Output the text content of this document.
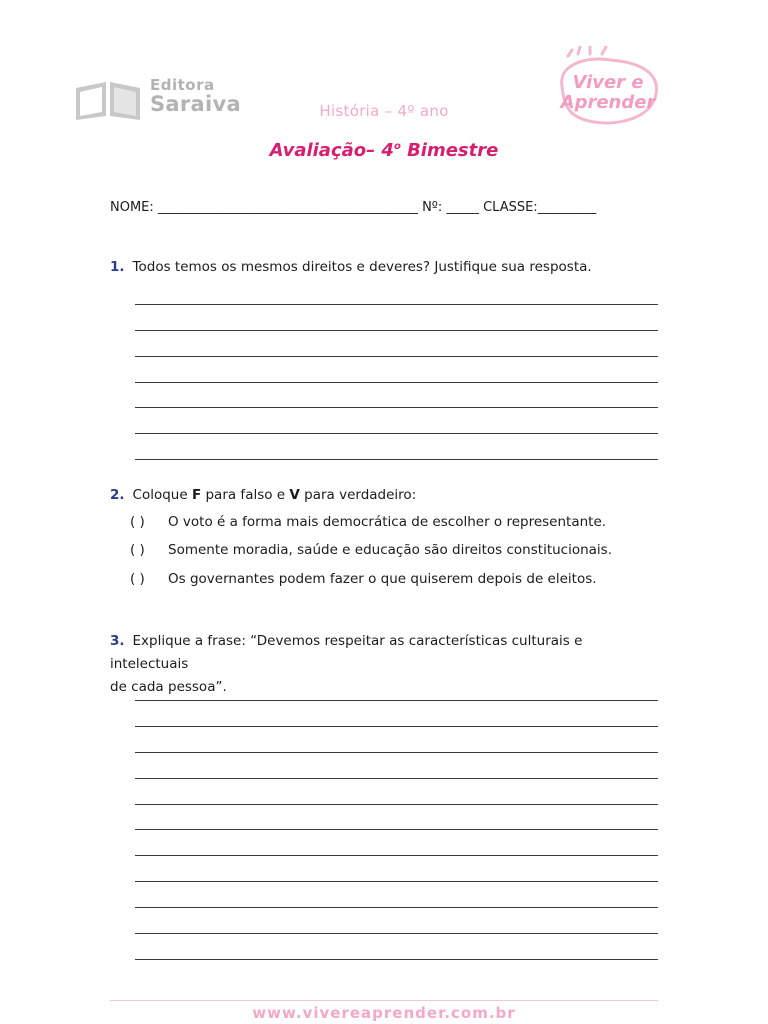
Editora
Saraiva
Viver e
Aprender
História – 4º ano
Avaliação– 4$^o$ Bimestre
NOME: ________________________________________ Nº: _____ CLASSE:_________
1. Todos temos os mesmos direitos e deveres? Justifique sua resposta.
2. Coloque F para falso e V para verdadeiro:
( ) O voto é a forma mais democrática de escolher o representante.
( ) Somente moradia, saúde e educação são direitos constitucionais.
( ) Os governantes podem fazer o que quiserem depois de eleitos.
3. Explique a frase: “Devemos respeitar as características culturais e intelectuais
de cada pessoa”.
www.vivereaprender.com.br
